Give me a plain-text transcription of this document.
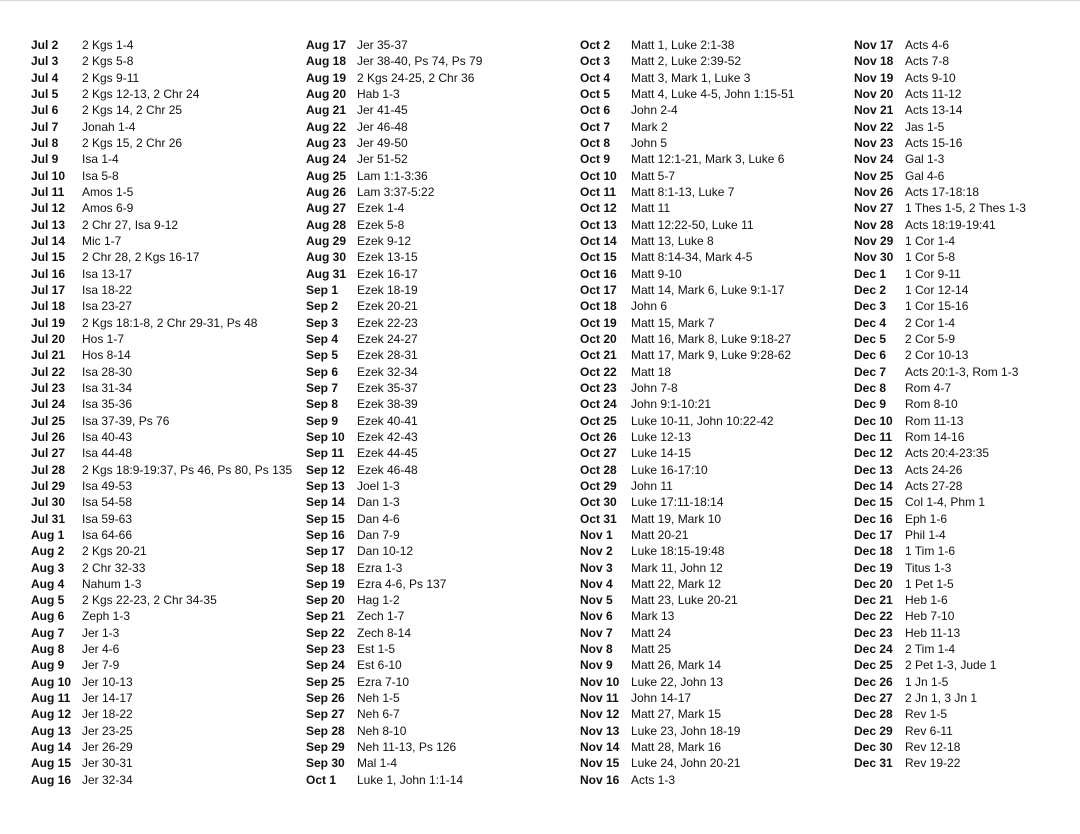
Jul 2	2 Kgs 1-4
Jul 3	2 Kgs 5-8
Jul 4	2 Kgs 9-11
Jul 5	2 Kgs 12-13, 2 Chr 24
Jul 6	2 Kgs 14, 2 Chr 25
Jul 7	Jonah 1-4
Jul 8	2 Kgs 15, 2 Chr 26
Jul 9	Isa 1-4
Jul 10	Isa 5-8
Jul 11	Amos 1-5
Jul 12	Amos 6-9
Jul 13	2 Chr 27, Isa 9-12
Jul 14	Mic 1-7
Jul 15	2 Chr 28, 2 Kgs 16-17
Jul 16	Isa 13-17
Jul 17	Isa 18-22
Jul 18	Isa 23-27
Jul 19	2 Kgs 18:1-8, 2 Chr 29-31, Ps 48
Jul 20	Hos 1-7
Jul 21	Hos 8-14
Jul 22	Isa 28-30
Jul 23	Isa 31-34
Jul 24	Isa 35-36
Jul 25	Isa 37-39, Ps 76
Jul 26	Isa 40-43
Jul 27	Isa 44-48
Jul 28	2 Kgs 18:9-19:37, Ps 46, Ps 80, Ps 135
Jul 29	Isa 49-53
Jul 30	Isa 54-58
Jul 31	Isa 59-63
Aug 1	Isa 64-66
Aug 2	2 Kgs 20-21
Aug 3	2 Chr 32-33
Aug 4	Nahum 1-3
Aug 5	2 Kgs 22-23, 2 Chr 34-35
Aug 6	Zeph 1-3
Aug 7	Jer 1-3
Aug 8	Jer 4-6
Aug 9	Jer 7-9
Aug 10 Jer 10-13
Aug 11 Jer 14-17
Aug 12 Jer 18-22
Aug 13 Jer 23-25
Aug 14 Jer 26-29
Aug 15 Jer 30-31
Aug 16 Jer 32-34
Aug 17 Jer 35-37
Aug 18 Jer 38-40, Ps 74, Ps 79
Aug 19 2 Kgs 24-25, 2 Chr 36
Aug 20 Hab 1-3
Aug 21 Jer 41-45
Aug 22 Jer 46-48
Aug 23 Jer 49-50
Aug 24 Jer 51-52
Aug 25 Lam 1:1-3:36
Aug 26 Lam 3:37-5:22
Aug 27 Ezek 1-4
Aug 28 Ezek 5-8
Aug 29 Ezek 9-12
Aug 30 Ezek 13-15
Aug 31 Ezek 16-17
Sep 1	Ezek 18-19
Sep 2	Ezek 20-21
Sep 3	Ezek 22-23
Sep 4	Ezek 24-27
Sep 5	Ezek 28-31
Sep 6	Ezek 32-34
Sep 7	Ezek 35-37
Sep 8	Ezek 38-39
Sep 9	Ezek 40-41
Sep 10	Ezek 42-43
Sep 11	Ezek 44-45
Sep 12	Ezek 46-48
Sep 13	Joel 1-3
Sep 14	Dan 1-3
Sep 15	Dan 4-6
Sep 16	Dan 7-9
Sep 17	Dan 10-12
Sep 18	Ezra 1-3
Sep 19	Ezra 4-6, Ps 137
Sep 20	Hag 1-2
Sep 21	Zech 1-7
Sep 22	Zech 8-14
Sep 23	Est 1-5
Sep 24	Est 6-10
Sep 25	Ezra 7-10
Sep 26	Neh 1-5
Sep 27	Neh 6-7
Sep 28	Neh 8-10
Sep 29	Neh 11-13, Ps 126
Sep 30	Mal 1-4
Oct 1	Luke 1, John 1:1-14
Oct 2	Matt 1, Luke 2:1-38
Oct 3	Matt 2, Luke 2:39-52
Oct 4	Matt 3, Mark 1, Luke 3
Oct 5	Matt 4, Luke 4-5, John 1:15-51
Oct 6	John 2-4
Oct 7	Mark 2
Oct 8	John 5
Oct 9	Matt 12:1-21, Mark 3, Luke 6
Oct 10	Matt 5-7
Oct 11	Matt 8:1-13, Luke 7
Oct 12	Matt 11
Oct 13	Matt 12:22-50, Luke 11
Oct 14	Matt 13, Luke 8
Oct 15	Matt 8:14-34, Mark 4-5
Oct 16	Matt 9-10
Oct 17	Matt 14, Mark 6, Luke 9:1-17
Oct 18	John 6
Oct 19	Matt 15, Mark 7
Oct 20	Matt 16, Mark 8, Luke 9:18-27
Oct 21	Matt 17, Mark 9, Luke 9:28-62
Oct 22	Matt 18
Oct 23	John 7-8
Oct 24	John 9:1-10:21
Oct 25	Luke 10-11, John 10:22-42
Oct 26	Luke 12-13
Oct 27	Luke 14-15
Oct 28	Luke 16-17:10
Oct 29	John 11
Oct 30	Luke 17:11-18:14
Oct 31	Matt 19, Mark 10
Nov 1	Matt 20-21
Nov 2	Luke 18:15-19:48
Nov 3	Mark 11, John 12
Nov 4	Matt 22, Mark 12
Nov 5	Matt 23, Luke 20-21
Nov 6	Mark 13
Nov 7	Matt 24
Nov 8	Matt 25
Nov 9	Matt 26, Mark 14
Nov 10 Luke 22, John 13
Nov 11	John 14-17
Nov 12 Matt 27, Mark 15
Nov 13 Luke 23, John 18-19
Nov 14 Matt 28, Mark 16
Nov 15 Luke 24, John 20-21
Nov 16 Acts 1-3
Nov 17 Acts 4-6
Nov 18 Acts 7-8
Nov 19 Acts 9-10
Nov 20 Acts 11-12
Nov 21 Acts 13-14
Nov 22 Jas 1-5
Nov 23 Acts 15-16
Nov 24 Gal 1-3
Nov 25 Gal 4-6
Nov 26 Acts 17-18:18
Nov 27 1 Thes 1-5, 2 Thes 1-3
Nov 28 Acts 18:19-19:41
Nov 29 1 Cor 1-4
Nov 30 1 Cor 5-8
Dec 1	1 Cor 9-11
Dec 2	1 Cor 12-14
Dec 3	1 Cor 15-16
Dec 4	2 Cor 1-4
Dec 5	2 Cor 5-9
Dec 6	2 Cor 10-13
Dec 7	Acts 20:1-3, Rom 1-3
Dec 8	Rom 4-7
Dec 9	Rom 8-10
Dec 10	Rom 11-13
Dec 11	Rom 14-16
Dec 12	Acts 20:4-23:35
Dec 13	Acts 24-26
Dec 14	Acts 27-28
Dec 15	Col 1-4, Phm 1
Dec 16	Eph 1-6
Dec 17	Phil 1-4
Dec 18	1 Tim 1-6
Dec 19	Titus 1-3
Dec 20	1 Pet 1-5
Dec 21	Heb 1-6
Dec 22	Heb 7-10
Dec 23	Heb 11-13
Dec 24	2 Tim 1-4
Dec 25	2 Pet 1-3, Jude 1
Dec 26	1 Jn 1-5
Dec 27	2 Jn 1, 3 Jn 1
Dec 28	Rev 1-5
Dec 29	Rev 6-11
Dec 30	Rev 12-18
Dec 31	Rev 19-22
